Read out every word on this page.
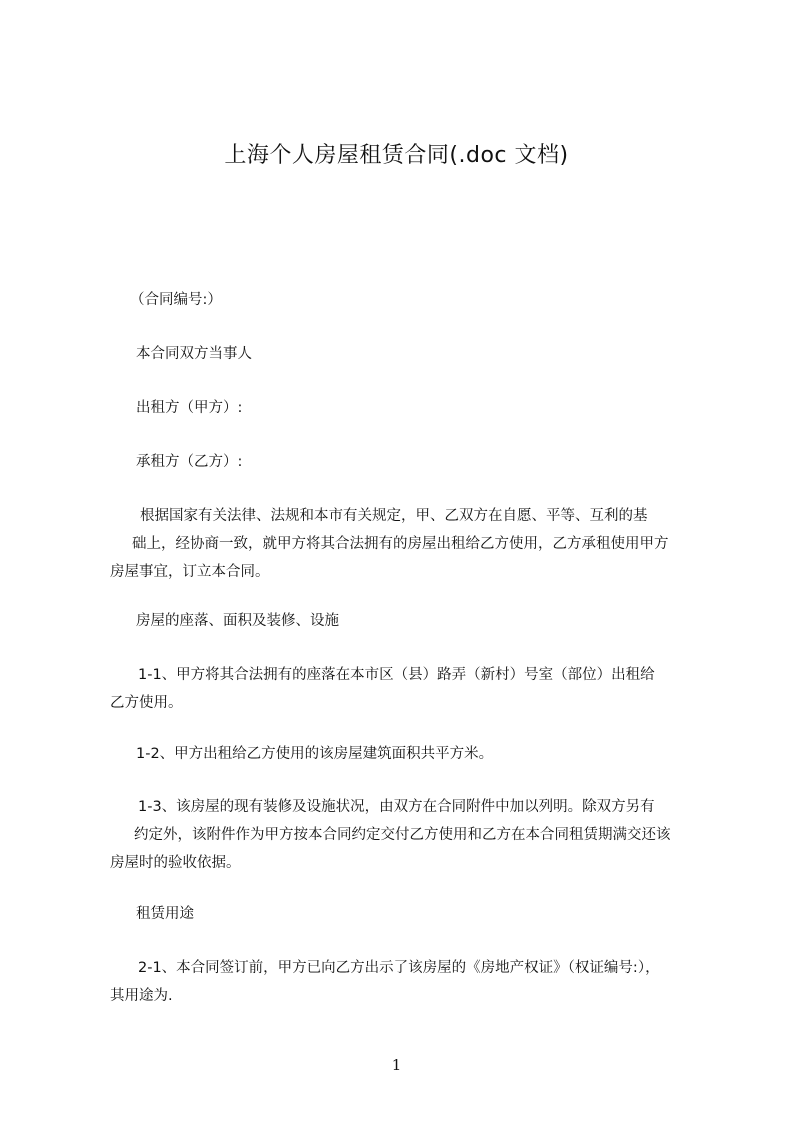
上海个人房屋租赁合同(.doc 文档)
（合同编号:）
本合同双方当事人
出租方（甲方）:
承租方（乙方）:
根据国家有关法律、法规和本市有关规定，甲、乙双方在自愿、平等、互利的基
础上，经协商一致，就甲方将其合法拥有的房屋出租给乙方使用，乙方承租使用甲方
房屋事宜，订立本合同。
房屋的座落、面积及装修、设施
1-1、甲方将其合法拥有的座落在本市区（县）路弄（新村）号室（部位）出租给
乙方使用。
1-2、甲方出租给乙方使用的该房屋建筑面积共平方米。
1-3、该房屋的现有装修及设施状况，由双方在合同附件中加以列明。除双方另有
约定外，该附件作为甲方按本合同约定交付乙方使用和乙方在本合同租赁期满交还该
房屋时的验收依据。
租赁用途
2-1、本合同签订前，甲方已向乙方出示了该房屋的《房地产权证》（权证编号:），
其用途为.
1
